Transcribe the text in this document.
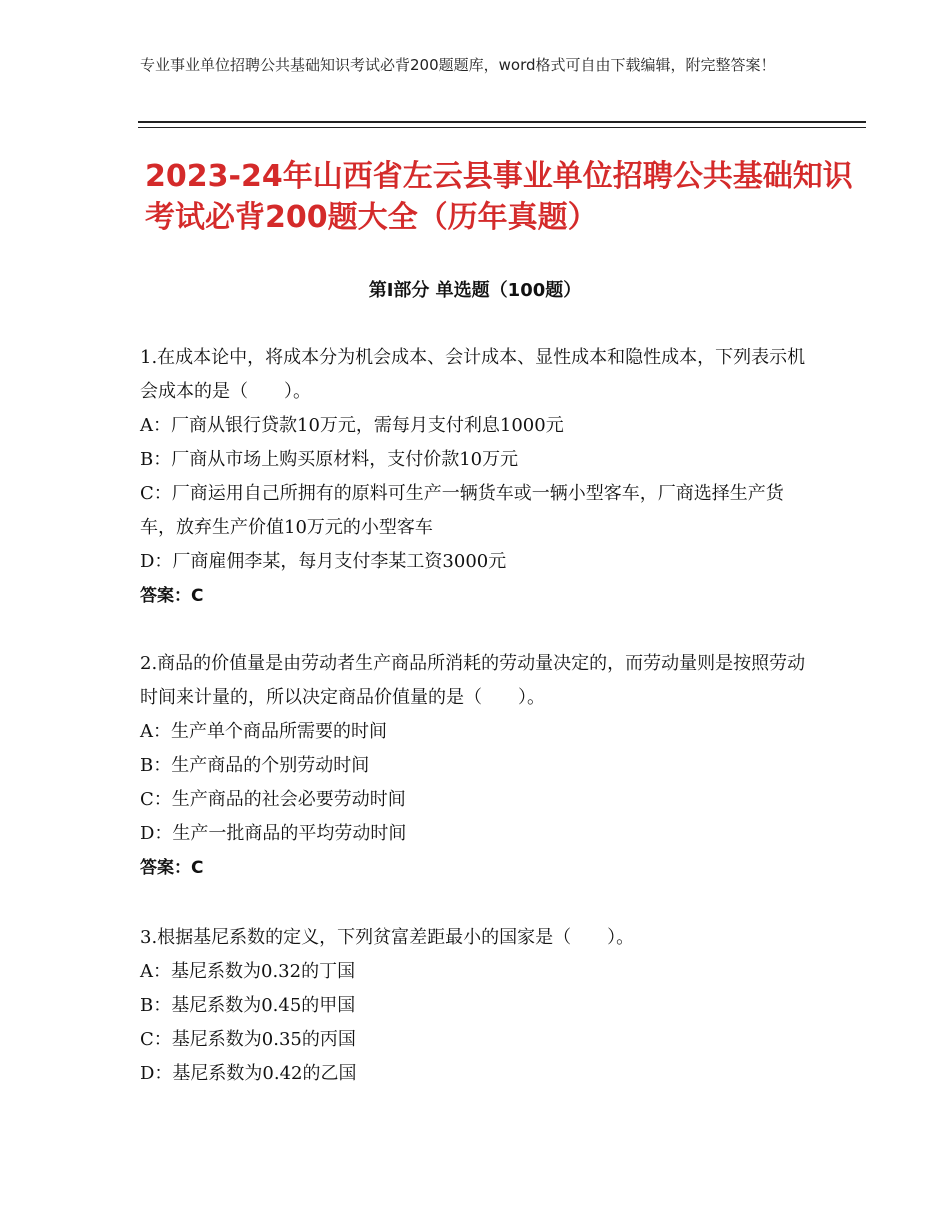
专业事业单位招聘公共基础知识考试必背200题题库，word格式可自由下载编辑，附完整答案！
2023-24年山西省左云县事业单位招聘公共基础知识考试必背200题大全（历年真题）
第Ⅰ部分 单选题（100题）
1.在成本论中，将成本分为机会成本、会计成本、显性成本和隐性成本，下列表示机会成本的是（　　）。
A：厂商从银行贷款10万元，需每月支付利息1000元
B：厂商从市场上购买原材料，支付价款10万元
C：厂商运用自己所拥有的原料可生产一辆货车或一辆小型客车，厂商选择生产货车，放弃生产价值10万元的小型客车
D：厂商雇佣李某，每月支付李某工资3000元
答案：C
2.商品的价值量是由劳动者生产商品所消耗的劳动量决定的，而劳动量则是按照劳动时间来计量的，所以决定商品价值量的是（　　）。
A：生产单个商品所需要的时间
B：生产商品的个别劳动时间
C：生产商品的社会必要劳动时间
D：生产一批商品的平均劳动时间
答案：C
3.根据基尼系数的定义，下列贫富差距最小的国家是（　　）。
A：基尼系数为0.32的丁国
B：基尼系数为0.45的甲国
C：基尼系数为0.35的丙国
D：基尼系数为0.42的乙国
